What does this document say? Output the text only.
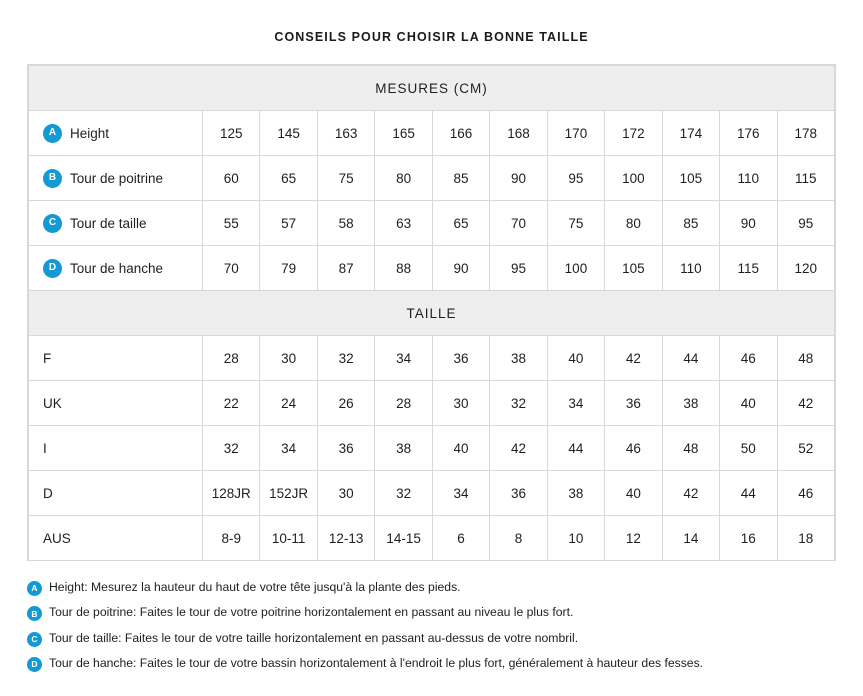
CONSEILS POUR CHOISIR LA BONNE TAILLE
MESURES (CM)											

A Height	125	145	163	165	166	168	170	172	174	176	178

B Tour de poitrine	60	65	75	80	85	90	95	100	105	110	115

C Tour de taille	55	57	58	63	65	70	75	80	85	90	95

D Tour de hanche	70	79	87	88	90	95	100	105	110	115	120
TAILLE											
F	28	30	32	34	36	38	40	42	44	46	48
UK	22	24	26	28	30	32	34	36	38	40	42
I	32	34	36	38	40	42	44	46	48	50	52
D	128JR	152JR	30	32	34	36	38	40	42	44	46
AUS	8-9	10-11	12-13	14-15	6	8	10	12	14	16	18
A Height: Mesurez la hauteur du haut de votre tête jusqu'à la plante des pieds.
B Tour de poitrine: Faites le tour de votre poitrine horizontalement en passant au niveau le plus fort.
C Tour de taille: Faites le tour de votre taille horizontalement en passant au-dessus de votre nombril.
D Tour de hanche: Faites le tour de votre bassin horizontalement à l'endroit le plus fort, généralement à hauteur des fesses.
